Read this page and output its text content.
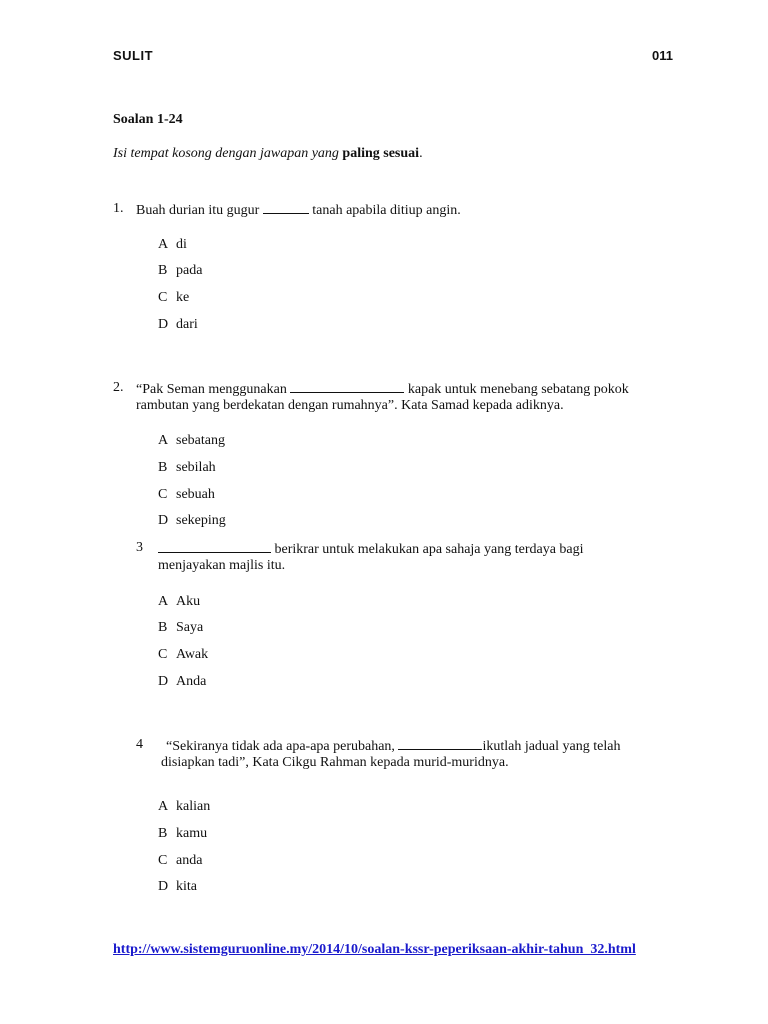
SULIT	011
Soalan 1-24
Isi tempat kosong dengan jawapan yang paling sesuai.
1. Buah durian itu gugur	tanah apabila ditiup angin.
A di
B pada
C ke
D dari
2. “Pak Seman menggunakan	kapak untuk menebang sebatang pokok
rambutan yang berdekatan dengan rumahnya”. Kata Samad kepada adiknya.
A sebatang
B sebilah
C sebuah
D sekeping
3	berikrar untuk melakukan apa sahaja yang terdaya bagi
menjayakan majlis itu.
A Aku
B Saya
C Awak
D Anda
4 “Sekiranya tidak ada apa-apa perubahan,	ikutlah jadual yang telah
disiapkan tadi”, Kata Cikgu Rahman kepada murid-muridnya.
A kalian
B kamu
C anda
D kita
http://www.sistemguruonline.my/2014/10/soalan-kssr-peperiksaan-akhir-tahun_32.html
